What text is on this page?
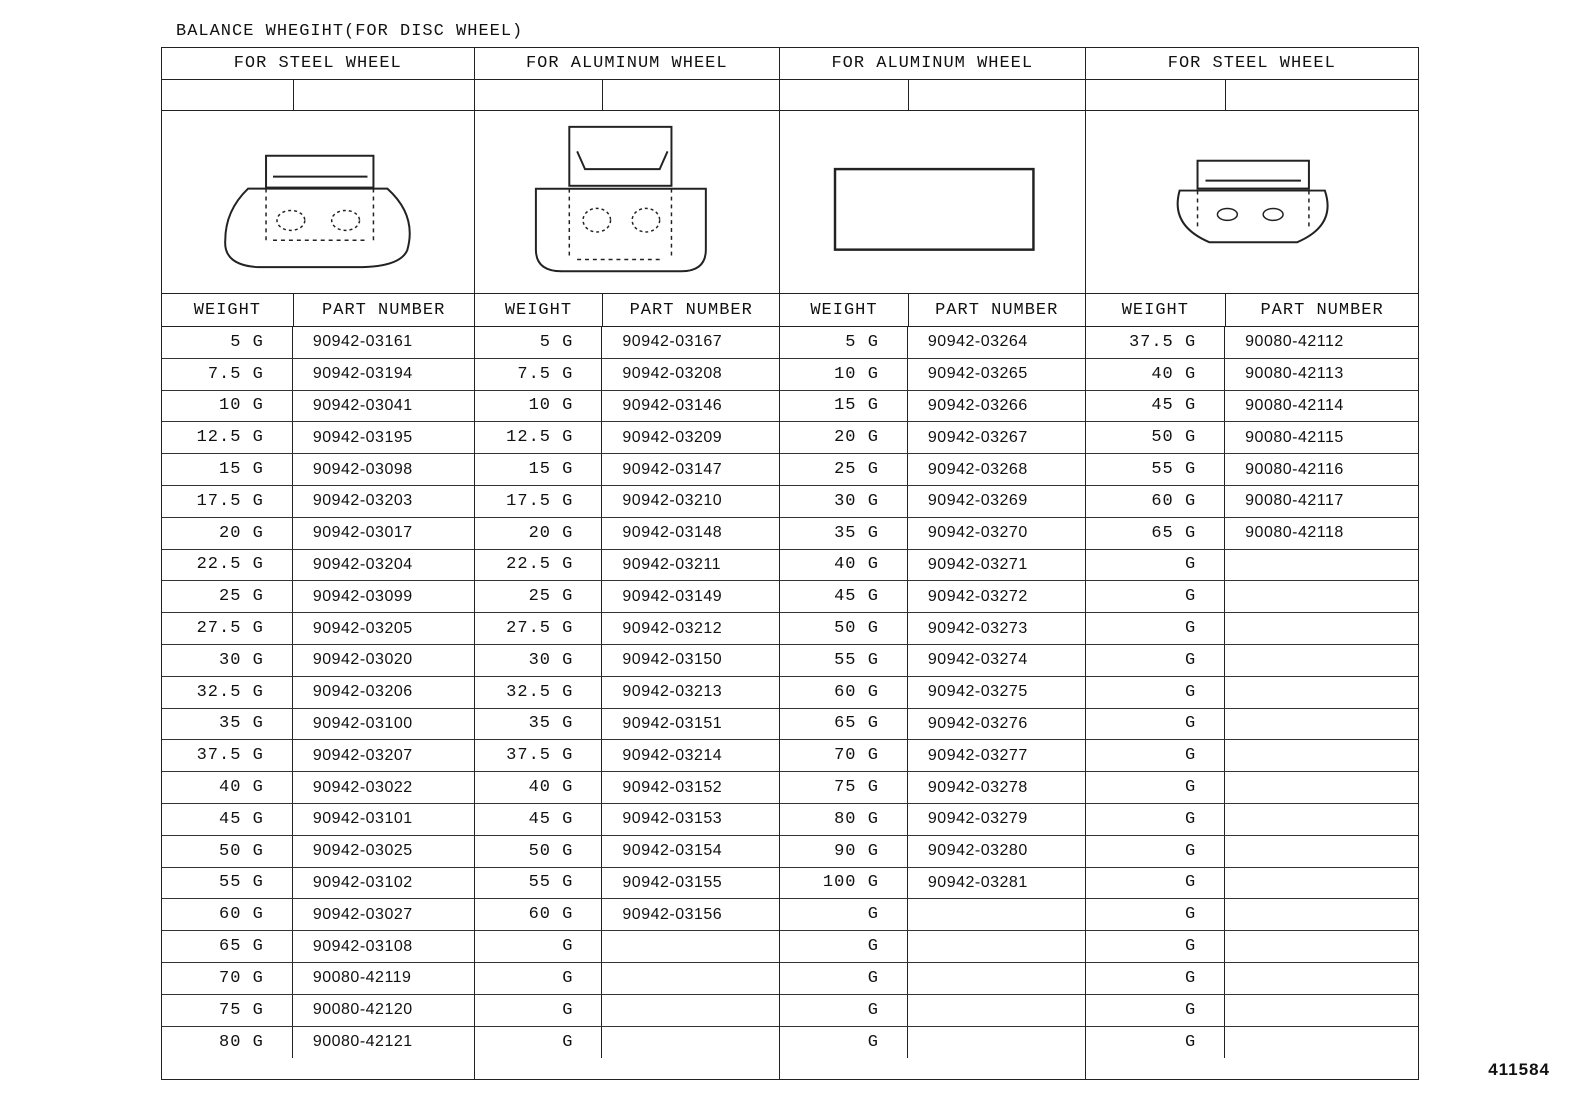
BALANCE WHEGIHT(FOR DISC WHEEL)
FOR STEEL WHEEL
WEIGHT	PART NUMBER
5 G	90942-03161
7.5 G	90942-03194
10 G	90942-03041
12.5 G	90942-03195
15 G	90942-03098
17.5 G	90942-03203
20 G	90942-03017
22.5 G	90942-03204
25 G	90942-03099
27.5 G	90942-03205
30 G	90942-03020
32.5 G	90942-03206
35 G	90942-03100
37.5 G	90942-03207
40 G	90942-03022
45 G	90942-03101
50 G	90942-03025
55 G	90942-03102
60 G	90942-03027
65 G	90942-03108
70 G	90080-42119
75 G	90080-42120
80 G	90080-42121
FOR ALUMINUM WHEEL
WEIGHT	PART NUMBER
5 G	90942-03167
7.5 G	90942-03208
10 G	90942-03146
12.5 G	90942-03209
15 G	90942-03147
17.5 G	90942-03210
20 G	90942-03148
22.5 G	90942-03211
25 G	90942-03149
27.5 G	90942-03212
30 G	90942-03150
32.5 G	90942-03213
35 G	90942-03151
37.5 G	90942-03214
40 G	90942-03152
45 G	90942-03153
50 G	90942-03154
55 G	90942-03155
60 G	90942-03156
G
G
G
G
FOR ALUMINUM WHEEL
WEIGHT	PART NUMBER
5 G	90942-03264
10 G	90942-03265
15 G	90942-03266
20 G	90942-03267
25 G	90942-03268
30 G	90942-03269
35 G	90942-03270
40 G	90942-03271
45 G	90942-03272
50 G	90942-03273
55 G	90942-03274
60 G	90942-03275
65 G	90942-03276
70 G	90942-03277
75 G	90942-03278
80 G	90942-03279
90 G	90942-03280
100 G	90942-03281
G
G
G
G
G
FOR STEEL WHEEL
WEIGHT	PART NUMBER
37.5 G	90080-42112
40 G	90080-42113
45 G	90080-42114
50 G	90080-42115
55 G	90080-42116
60 G	90080-42117
65 G	90080-42118
G
G
G
G
G
G
G
G
G
G
G
G
G
G
G
G
411584
